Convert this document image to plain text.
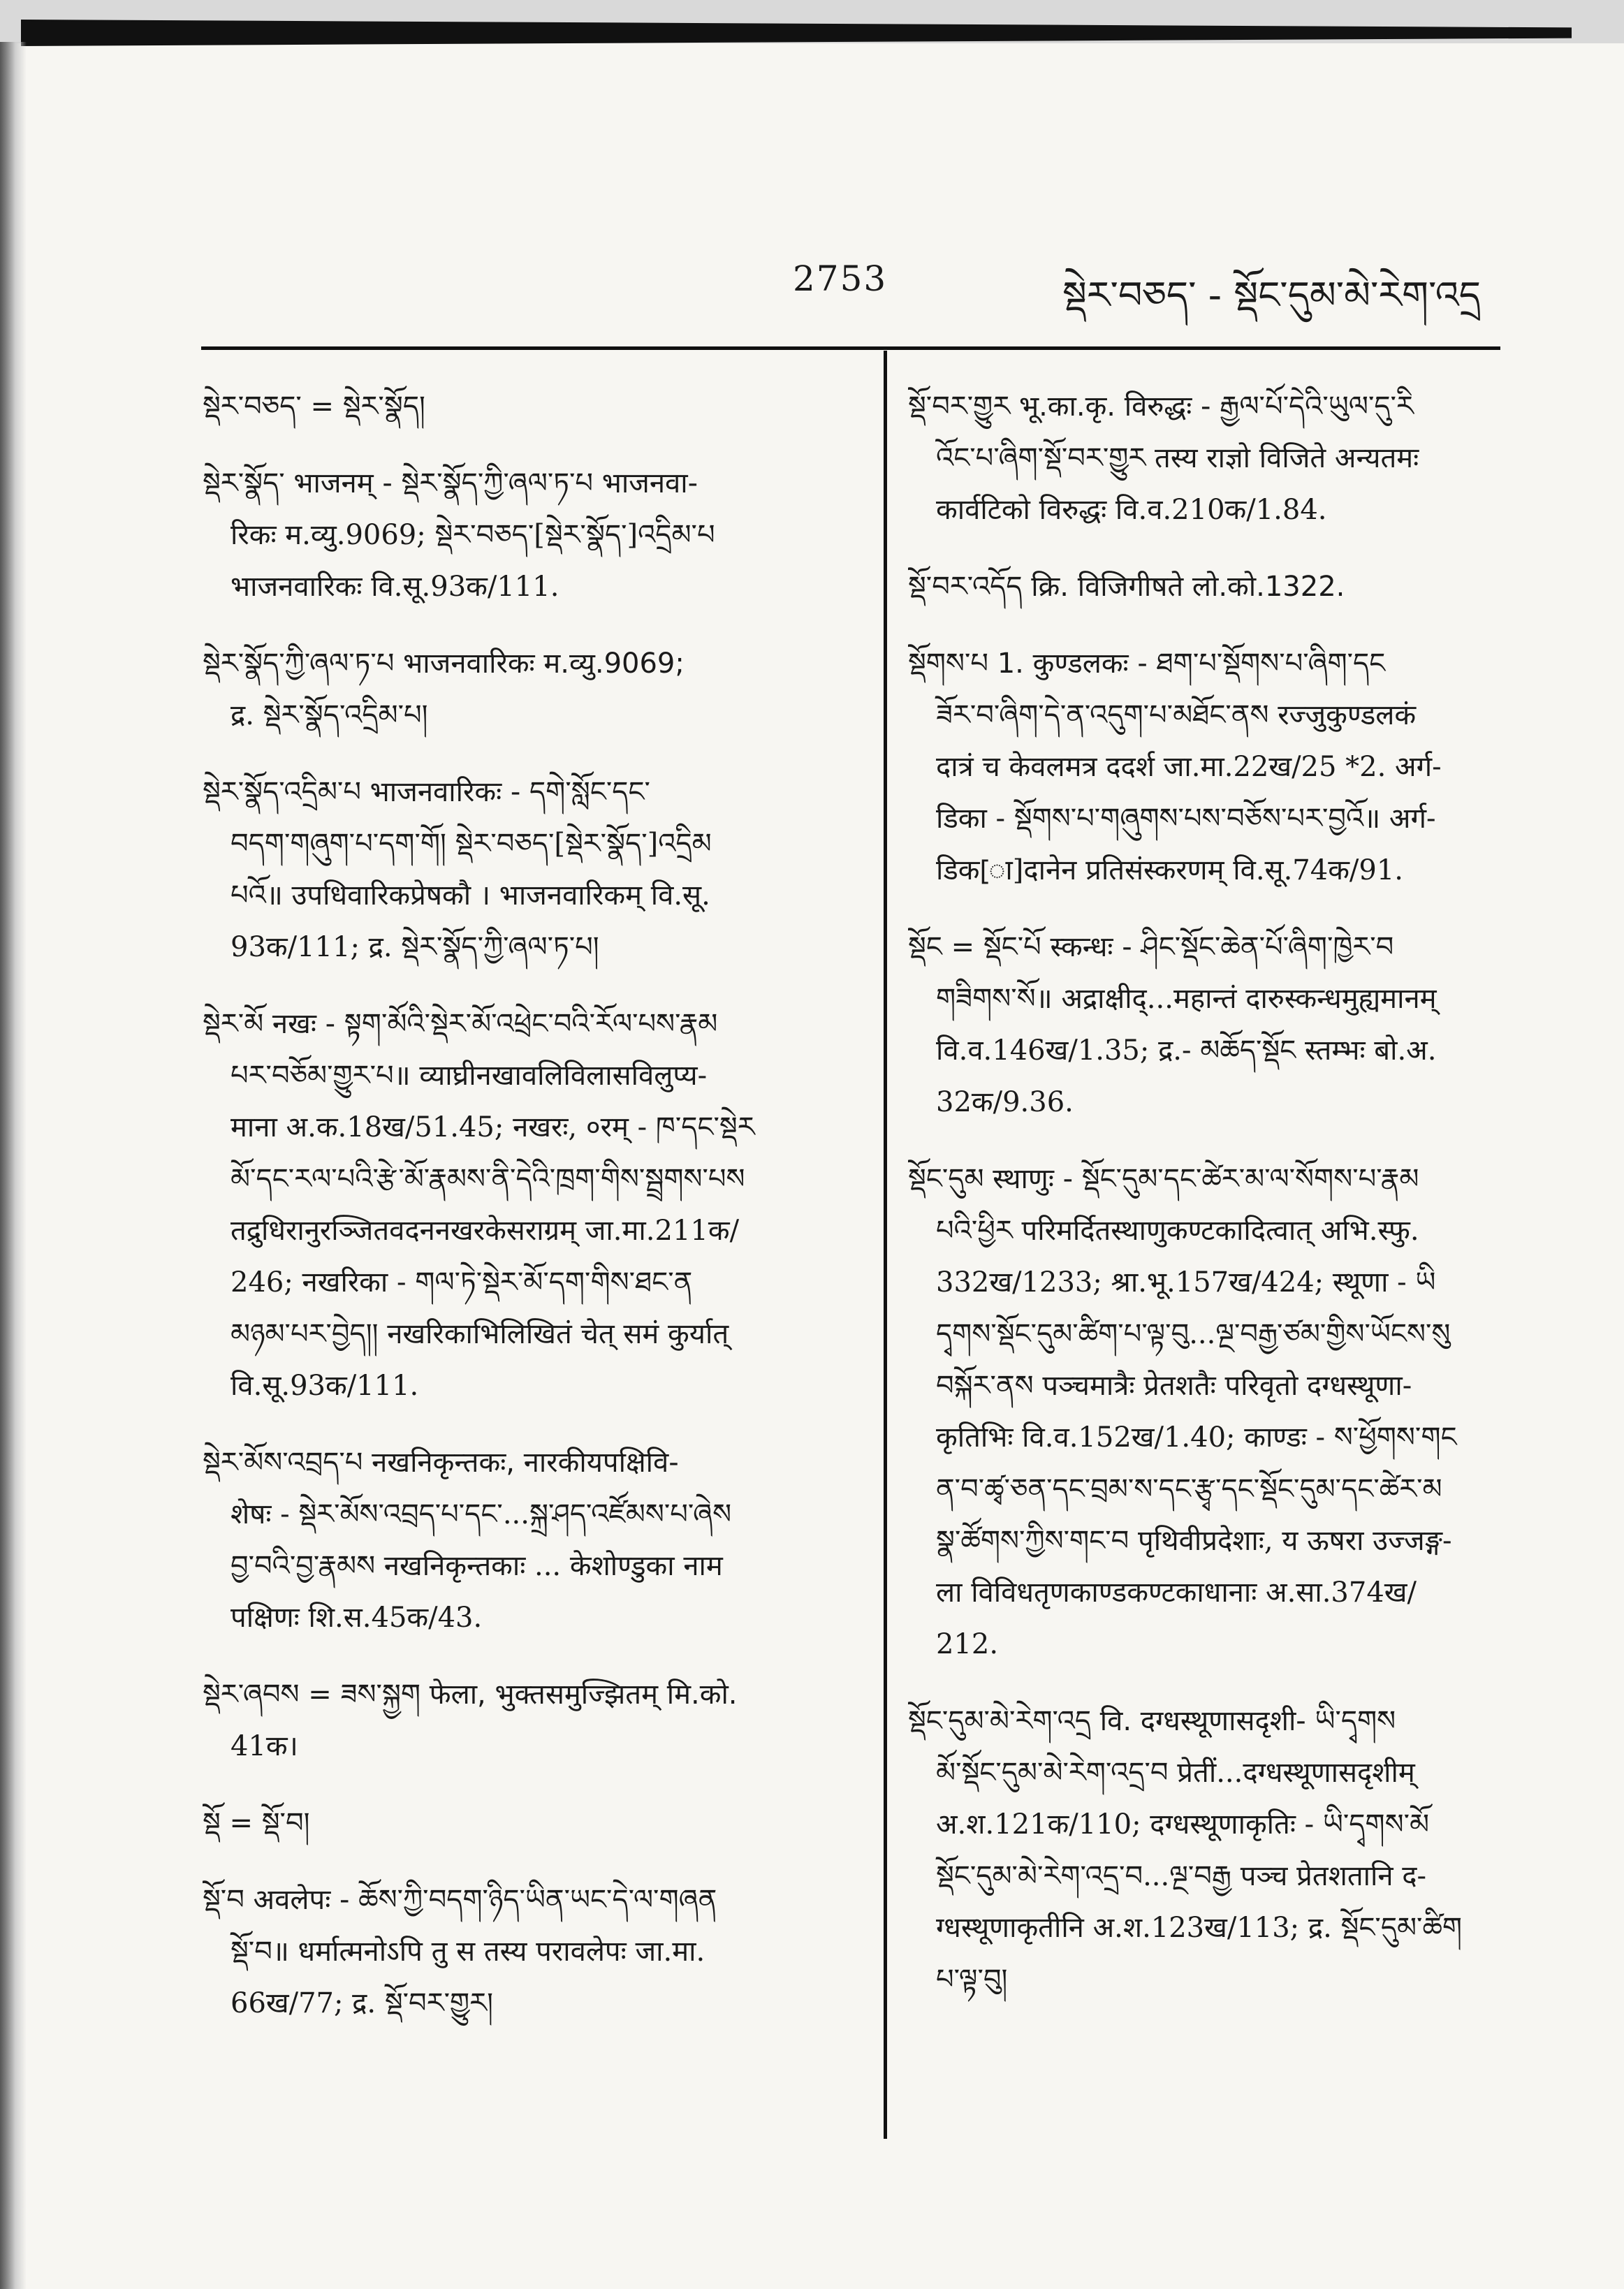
2753	སྡེར་བཅད་ - སྡོང་དུམ་མེ་རེག་འདྲ
སྡེར་བཅད་ = སྡེར་སྣོད།
སྡེར་སྣོད་ भाजनम् - སྡེར་སྣོད་ཀྱི་ཞལ་ཏ་པ भाजनवा-
रिकः म.व्यु.9069; སྡེར་བཅད་[སྡེར་སྣོད་]འདྲིམ་པ
भाजनवारिकः वि.सू.93क/111.
སྡེར་སྣོད་ཀྱི་ཞལ་ཏ་པ भाजनवारिकः म.व्यु.9069;
द्र. སྡེར་སྣོད་འདྲིམ་པ།
སྡེར་སྣོད་འདྲིམ་པ भाजनवारिकः - དགེ་སློང་དང་
བདག་གཞུག་པ་དག་གོ། སྡེར་བཅད་[སྡེར་སྣོད་]འདྲིམ
པའོ॥ उपधिवारिकप्रेषकौ । भाजनवारिकम् वि.सू.
93क/111; द्र. སྡེར་སྣོད་ཀྱི་ཞལ་ཏ་པ།
སྡེར་མོ नखः - སྟག་མོའི་སྡེར་མོ་འཕྲེང་བའི་རོལ་པས་རྣམ
པར་བཅོམ་གྱུར་པ॥ व्याघ्रीनखावलिविलासविलुप्य-
माना अ.क.18ख/51.45; नखरः, ०रम् - ཁ་དང་སྡེར
མོ་དང་རལ་པའི་རྩེ་མོ་རྣམས་ནི་དེའི་ཁྲག་གིས་སྦྲགས་པས
तद्रुधिरानुरञ्जितवदननखरकेसराग्रम् जा.मा.211क/
246; नखरिका - གལ་ཏེ་སྡེར་མོ་དག་གིས་ཐང་ན
མཉམ་པར་བྱེད།། नखरिकाभिलिखितं चेत् समं कुर्यात्
वि.सू.93क/111.
སྡེར་མོས་འབྲད་པ नखनिकृन्तकः, नारकीयपक्षिवि-
शेषः - སྡེར་མོས་འབྲད་པ་དང་...སྐྲ་ཤད་འཛོམས་པ་ཞེས
བྱ་བའི་བྱ་རྣམས नखनिकृन्तकाः ... केशोण्डुका नाम
पक्षिणः शि.स.45क/43.
སྡེར་ཞབས = ཟས་སྐྱག फेला, भुक्तसमुज्झितम् मि.को.
41क।
སྡོ = སྡོ་བ།
སྡོ་བ अवलेपः - ཆོས་ཀྱི་བདག་ཉིད་ཡིན་ཡང་དེ་ལ་གཞན
སྡོ་བ॥ धर्मात्मनोऽपि तु स तस्य परावलेपः जा.मा.
66ख/77; द्र. སྡོ་བར་གྱུར།
སྡོ་བར་གྱུར भू.का.कृ. विरुद्धः - རྒྱལ་པོ་དེའི་ཡུལ་དུ་རི
འོང་པ་ཞིག་སྡོ་བར་གྱུར तस्य राज्ञो विजिते अन्यतमः
कार्वटिको विरुद्धः वि.व.210क/1.84.
སྡོ་བར་འདོད क्रि. विजिगीषते लो.को.1322.
སྡོགས་པ 1. कुण्डलकः - ཐག་པ་སྡོགས་པ་ཞིག་དང
ཟོར་བ་ཞིག་དེ་ན་འདུག་པ་མཐོང་ནས रज्जुकुण्डलकं
दात्रं च केवलमत्र ददर्श जा.मा.22ख/25 *2. अर्ग-
डिका - སྡོགས་པ་གཞུགས་པས་བཅོས་པར་བྱའོ॥ अर्ग-
डिक[ा]दानेन प्रतिसंस्करणम् वि.सू.74क/91.
སྡོང = སྡོང་པོ स्कन्धः - ཤིང་སྡོང་ཆེན་པོ་ཞིག་ཁྱེར་བ
གཟིགས་སོ॥ अद्राक्षीद्...महान्तं दारुस्कन्धमुह्यमानम्
वि.व.146ख/1.35; द्र.- མཆོད་སྡོང स्तम्भः बो.अ.
32क/9.36.
སྡོང་དུམ स्थाणुः - སྡོང་དུམ་དང་ཚེར་མ་ལ་སོགས་པ་རྣམ
པའི་ཕྱིར परिमर्दितस्थाणुकण्टकादित्वात् अभि.स्फु.
332ख/1233; श्रा.भू.157ख/424; स्थूणा - ཡི
དྭགས་སྡོང་དུམ་ཚིག་པ་ལྟ་བུ...ལྔ་བརྒྱ་ཙམ་གྱིས་ཡོངས་སུ
བསྐོར་ནས पञ्चमात्रैः प्रेतशतैः परिवृतो दग्धस्थूणा-
कृतिभिः वि.व.152ख/1.40; काण्डः - ས་ཕྱོགས་གང
ན་བ་ཚྭ་ཅན་དང་བྲམ་ས་དང་རྩྭ་དང་སྡོང་དུམ་དང་ཚེར་མ
སྣ་ཚོགས་ཀྱིས་གང་བ पृथिवीप्रदेशाः, य ऊषरा उज्जङ्ग-
ला विविधतृणकाण्डकण्टकाधानाः अ.सा.374ख/
212.
སྡོང་དུམ་མེ་རེག་འདྲ वि. दग्धस्थूणासदृशी- ཡི་དྭགས
མོ་སྡོང་དུམ་མེ་རེག་འདྲ་བ प्रेतीं...दग्धस्थूणासदृशीम्
अ.श.121क/110; दग्धस्थूणाकृतिः - ཡི་དྭགས་མོ
སྡོང་དུམ་མེ་རེག་འདྲ་བ...ལྔ་བརྒྱ पञ्च प्रेतशतानि द-
ग्धस्थूणाकृतीनि अ.श.123ख/113; द्र. སྡོང་དུམ་ཚིག
པ་ལྟ་བུ།
